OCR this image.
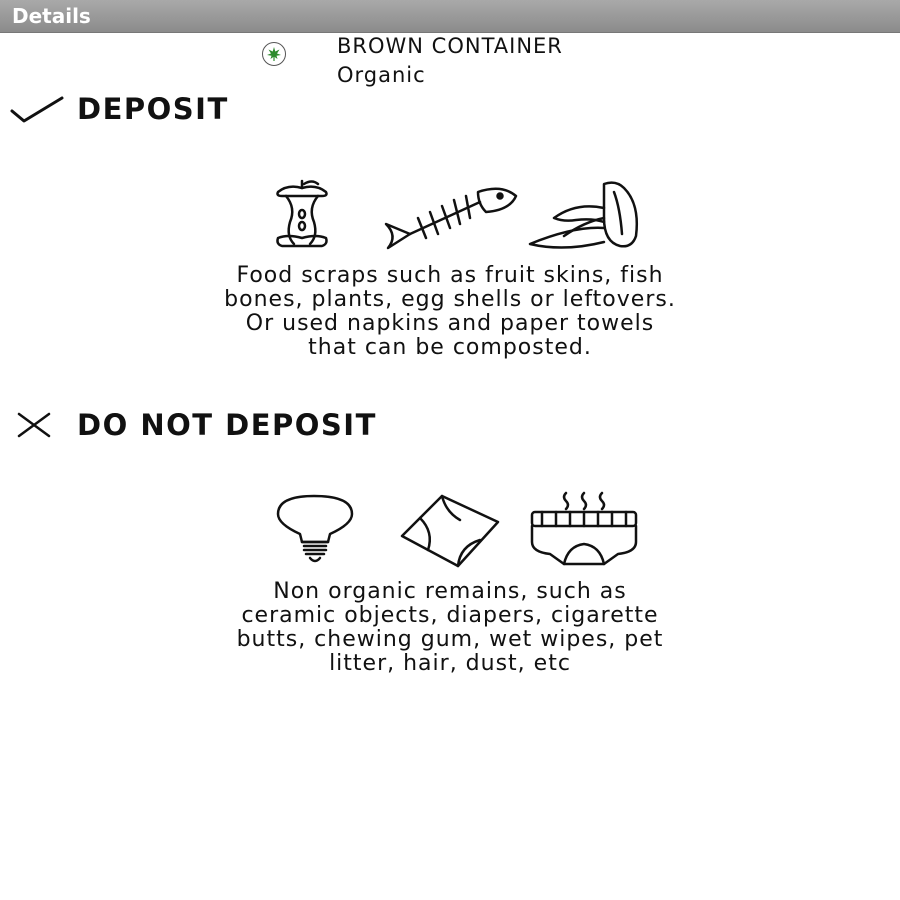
Details
BROWN CONTAINER
Organic
DEPOSIT
Food scraps such as fruit skins, fish
bones, plants, egg shells or leftovers.
Or used napkins and paper towels
that can be composted.
DO NOT DEPOSIT
Non organic remains, such as
ceramic objects, diapers, cigarette
butts, chewing gum, wet wipes, pet
litter, hair, dust, etc
